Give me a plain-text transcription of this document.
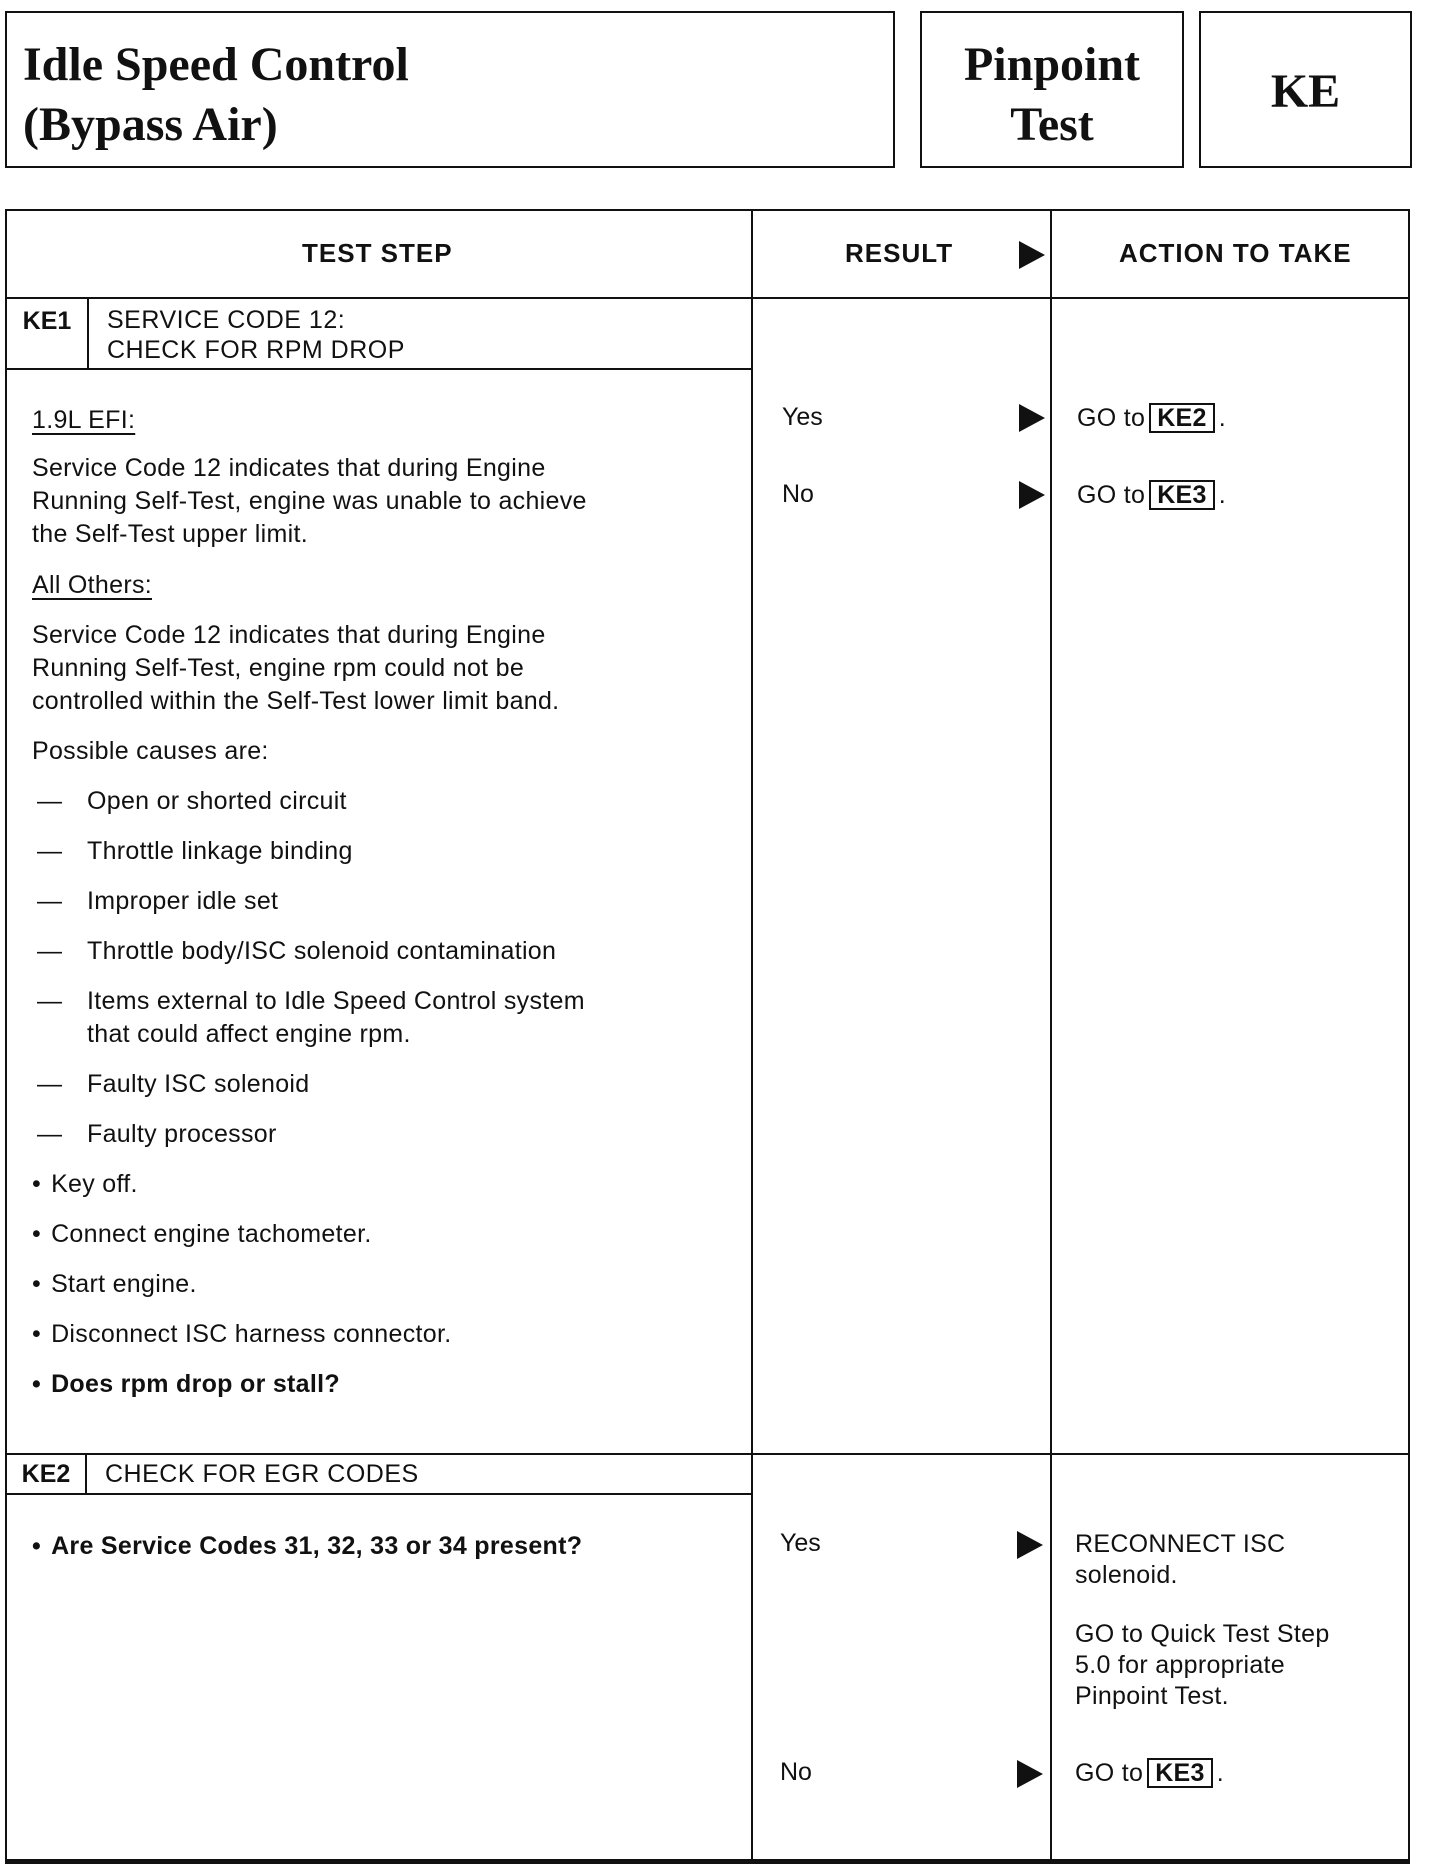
Idle Speed Control
(Bypass Air)
Pinpoint
Test
KE
TEST STEP	RESULT	ACTION TO TAKE
KE1	SERVICE CODE 12:
CHECK FOR RPM DROP
1.9L EFI:
Service Code 12 indicates that during Engine
Running Self-Test, engine was unable to achieve
the Self-Test upper limit.
All Others:
Service Code 12 indicates that during Engine
Running Self-Test, engine rpm could not be
controlled within the Self-Test lower limit band.
Possible causes are:
— Open or shorted circuit
— Throttle linkage binding
— Improper idle set
— Throttle body/ISC solenoid contamination
— Items external to Idle Speed Control system
that could affect engine rpm.
— Faulty ISC solenoid
— Faulty processor
• Key off.
• Connect engine tachometer.
• Start engine.
• Disconnect ISC harness connector.
• Does rpm drop or stall?
Yes	GO to KE2 .
No	GO to KE3 .
KE2	CHECK FOR EGR CODES
• Are Service Codes 31, 32, 33 or 34 present?	Yes	RECONNECT ISC
solenoid.
GO to Quick Test Step
5.0 for appropriate
Pinpoint Test.
No	GO to KE3 .
